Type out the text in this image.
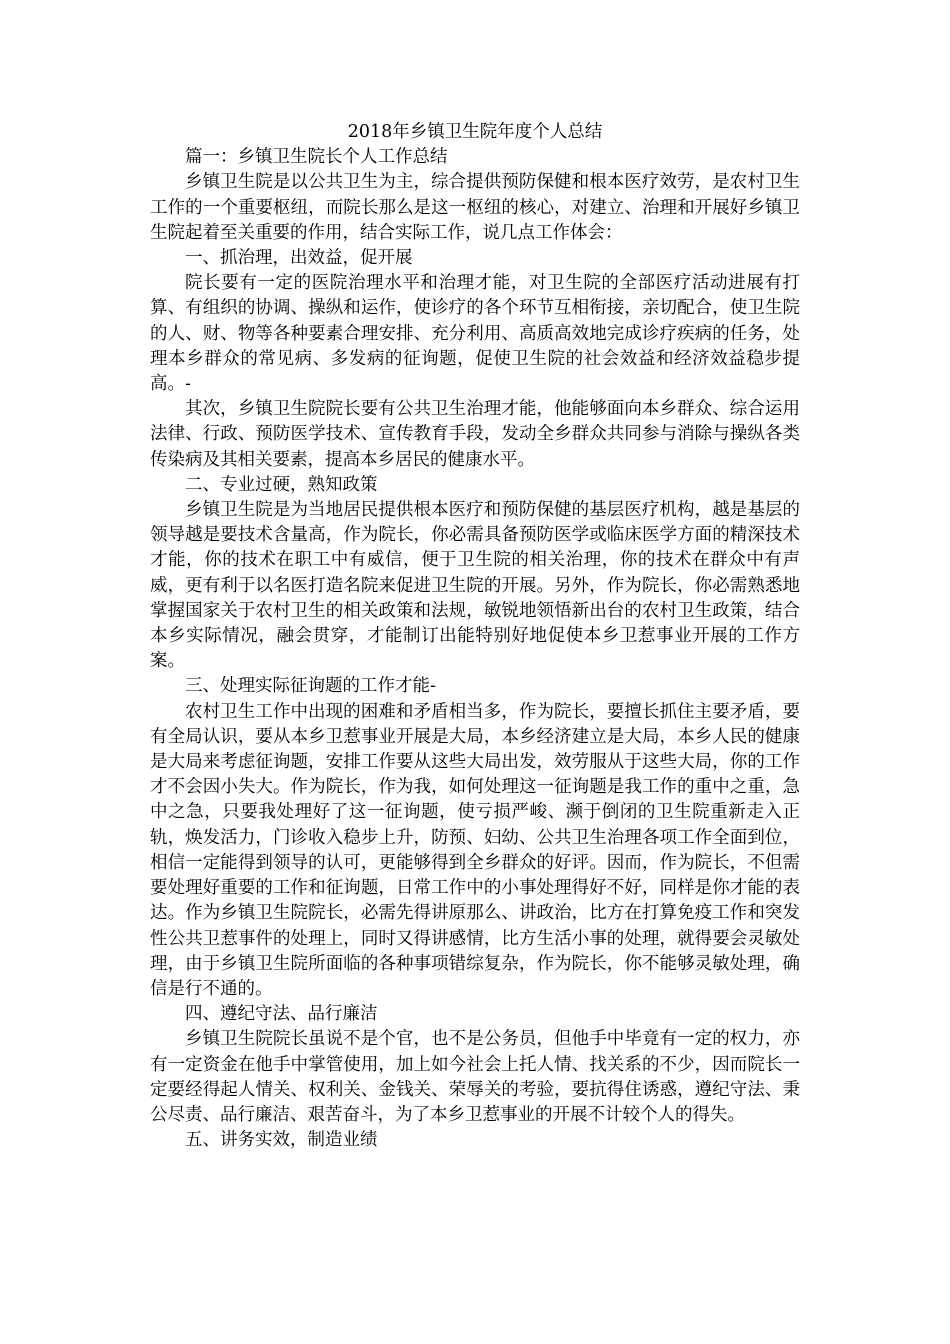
2018年乡镇卫生院年度个人总结

篇一：乡镇卫生院长个人工作总结

乡镇卫生院是以公共卫生为主，综合提供预防保健和根本医疗效劳，是农村卫生工作的一个重要枢纽，而院长那么是这一枢纽的核心，对建立、治理和开展好乡镇卫生院起着至关重要的作用，结合实际工作，说几点工作体会：

一、抓治理，出效益，促开展

院长要有一定的医院治理水平和治理才能，对卫生院的全部医疗活动进展有打算、有组织的协调、操纵和运作，使诊疗的各个环节互相衔接，亲切配合，使卫生院的人、财、物等各种要素合理安排、充分利用、高质高效地完成诊疗疾病的任务，处理本乡群众的常见病、多发病的征询题，促使卫生院的社会效益和经济效益稳步提高。-

其次，乡镇卫生院院长要有公共卫生治理才能，他能够面向本乡群众、综合运用法律、行政、预防医学技术、宣传教育手段，发动全乡群众共同参与消除与操纵各类传染病及其相关要素，提高本乡居民的健康水平。

二、专业过硬，熟知政策

乡镇卫生院是为当地居民提供根本医疗和预防保健的基层医疗机构，越是基层的领导越是要技术含量高，作为院长，你必需具备预防医学或临床医学方面的精深技术才能，你的技术在职工中有威信，便于卫生院的相关治理，你的技术在群众中有声威，更有利于以名医打造名院来促进卫生院的开展。另外，作为院长，你必需熟悉地掌握国家关于农村卫生的相关政策和法规，敏锐地领悟新出台的农村卫生政策，结合本乡实际情况，融会贯穿，才能制订出能特别好地促使本乡卫惹事业开展的工作方案。

三、处理实际征询题的工作才能-

农村卫生工作中出现的困难和矛盾相当多，作为院长，要擅长抓住主要矛盾，要有全局认识，要从本乡卫惹事业开展是大局，本乡经济建立是大局，本乡人民的健康是大局来考虑征询题，安排工作要从这些大局出发，效劳服从于这些大局，你的工作才不会因小失大。作为院长，作为我，如何处理这一征询题是我工作的重中之重，急中之急，只要我处理好了这一征询题，使亏损严峻、濒于倒闭的卫生院重新走入正轨，焕发活力，门诊收入稳步上升，防预、妇幼、公共卫生治理各项工作全面到位，相信一定能得到领导的认可，更能够得到全乡群众的好评。因而，作为院长，不但需要处理好重要的工作和征询题，日常工作中的小事处理得好不好，同样是你才能的表达。作为乡镇卫生院院长，必需先得讲原那么、讲政治，比方在打算免疫工作和突发性公共卫惹事件的处理上，同时又得讲感情，比方生活小事的处理，就得要会灵敏处理，由于乡镇卫生院所面临的各种事项错综复杂，作为院长，你不能够灵敏处理，确信是行不通的。

四、遵纪守法、品行廉洁

乡镇卫生院院长虽说不是个官，也不是公务员，但他手中毕竟有一定的权力，亦有一定资金在他手中掌管使用，加上如今社会上托人情、找关系的不少，因而院长一定要经得起人情关、权利关、金钱关、荣辱关的考验，要抗得住诱惑，遵纪守法、秉公尽责、品行廉洁、艰苦奋斗，为了本乡卫惹事业的开展不计较个人的得失。

五、讲务实效，制造业绩
